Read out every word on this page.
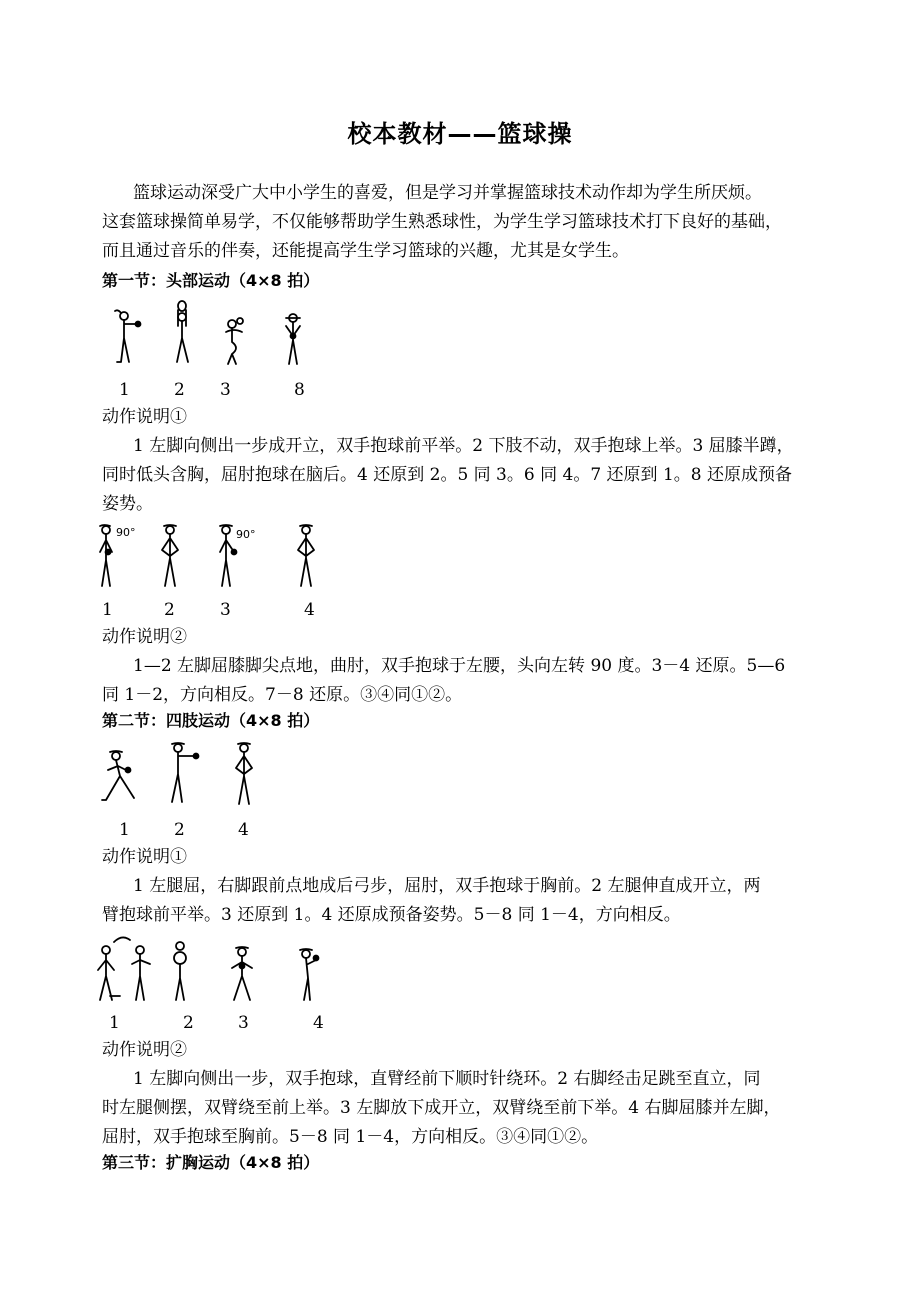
校本教材——篮球操
篮球运动深受广大中小学生的喜爱，但是学习并掌握篮球技术动作却为学生所厌烦。
这套篮球操简单易学，不仅能够帮助学生熟悉球性，为学生学习篮球技术打下良好的基础，
而且通过音乐的伴奏，还能提高学生学习篮球的兴趣，尤其是女学生。
第一节：头部运动（4×8 拍）
1	2 3	8
动作说明①
1 左脚向侧出一步成开立，双手抱球前平举。2 下肢不动，双手抱球上举。3 屈膝半蹲，
同时低头含胸，屈肘抱球在脑后。4 还原到 2。5 同 3。6 同 4。7 还原到 1。8 还原成预备
姿势。
90°	90°
1	2	3	4
动作说明②
1—2 左脚屈膝脚尖点地，曲肘，双手抱球于左腰，头向左转 90 度。3－4 还原。5—6
同 1－2，方向相反。7－8 还原。③④同①②。
第二节：四肢运动（4×8 拍）
1	2	4
动作说明①
1 左腿屈，右脚跟前点地成后弓步，屈肘，双手抱球于胸前。2 左腿伸直成开立，两
臂抱球前平举。3 还原到 1。4 还原成预备姿势。5－8 同 1－4，方向相反。
1	2	3	4
动作说明②
1 左脚向侧出一步，双手抱球，直臂经前下顺时针绕环。2 右脚经击足跳至直立，同
时左腿侧摆，双臂绕至前上举。3 左脚放下成开立，双臂绕至前下举。4 右脚屈膝并左脚，
屈肘，双手抱球至胸前。5－8 同 1－4，方向相反。③④同①②。
第三节：扩胸运动（4×8 拍）
